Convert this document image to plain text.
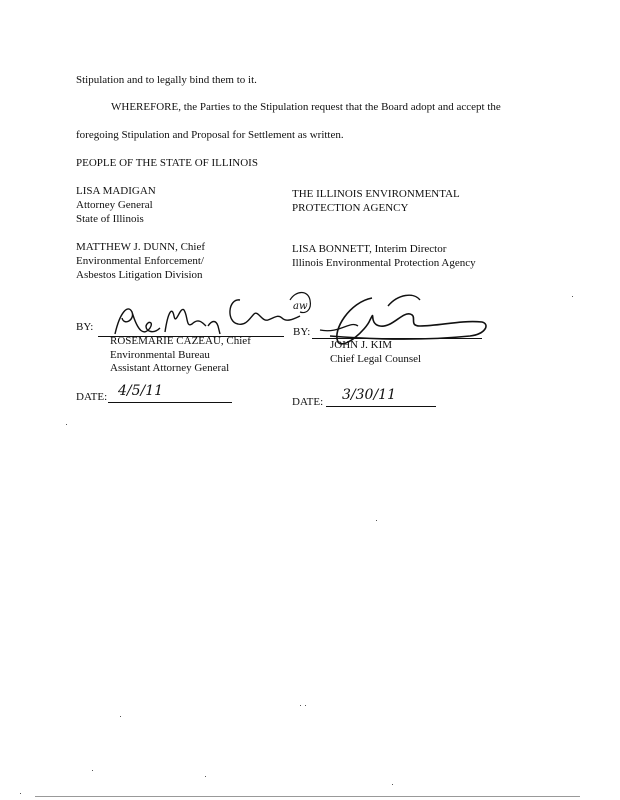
Stipulation and to legally bind them to it.
WHEREFORE, the Parties to the Stipulation request that the Board adopt and accept the
foregoing Stipulation and Proposal for Settlement as written.
PEOPLE OF THE STATE OF ILLINOIS
LISA MADIGAN
Attorney General
State of Illinois
MATTHEW J. DUNN, Chief
Environmental Enforcement/
Asbestos Litigation Division
THE ILLINOIS ENVIRONMENTAL
PROTECTION AGENCY
LISA BONNETT, Interim Director
Illinois Environmental Protection Agency
BY:
aw
ROSEMARIE CAZEAU, Chief
Environmental Bureau
Assistant Attorney General
DATE: 4/5/11
BY:
JOHN J. KIM
Chief Legal Counsel
DATE: 3/30/11
